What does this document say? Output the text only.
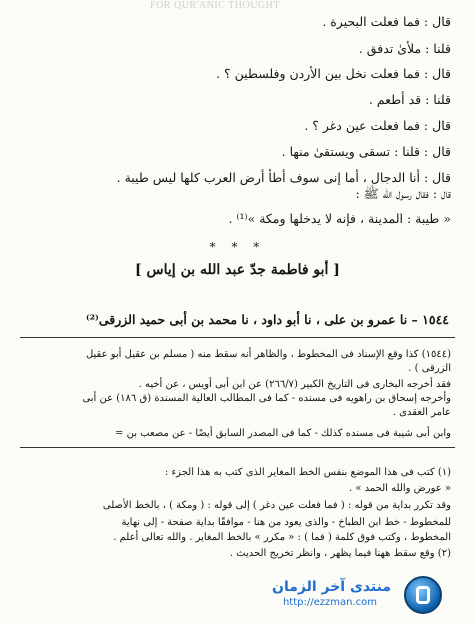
FOR QUR'ANIC THOUGHT
قال : فما فعلت البحيرة .
قلنا : ملأىٰ تدفق .
قال : فما فعلت نخل بين الأردن وفلسطين ؟ .
قلنا : قد أطعم .
قال : فما فعلت عين دغر ؟ .
قال : قلنا : تسقى ويستقىٰ منها .
قال : أنا الدجال ، أما إنى سوف أطأ أرض العرب كلها ليس طيبة .
قال : فقال رسول الله ﷺ :
« طيبة : المدينة ، فإنه لا يدخلها ومكة »⁽¹⁾ .
* * *
[ أبو فاطمة جدّ عبد الله بن إياس ]
١٥٤٤ – نا عمرو بن على ، نا أبو داود ، نا محمد بن أبى حميد الزرقى⁽²⁾
(١٥٤٤) كذا وقع الإسناد فى المخطوط ، والظاهر أنه سقط منه ( مسلم بن عقيل أبو عقيل
الزرقى ) .
فقد أخرجه البخارى فى التاريخ الكبير (٢٦٦/٧) عن ابن أبى أويس ، عن أخيه .
وأخرجه إسحاق بن راهويه فى مسنده - كما فى المطالب العالية المسندة (ق ١٨٦) عن أبى
عامر العقدى .
وابن أبى شيبة فى مسنده كذلك - كما فى المصدر السابق أيضًا - عن مصعب بن =
(١) كتب فى هذا الموضع بنفس الخط المغاير الذى كتب به هذا الجزء :
« عورض والله الحمد » .
وقد تكرر بداية من قوله : ( فما فعلت عين دغر ) إلى قوله : ( ومكة ) ، بالخط الأصلى
للمخطوط - خط ابن الطباخ - والذى يعود من هنا - موافقًا بداية صفحة - إلى نهاية
المخطوط ، وكتب فوق كلمة ( فما ) : « مكرر » بالخط المغاير . والله تعالى أعلم .
(٢) وقع سقط ههنا فيما يظهر ، وانظر تخريج الحديث .
منتدى آخر الزمان
http://ezzman.com
